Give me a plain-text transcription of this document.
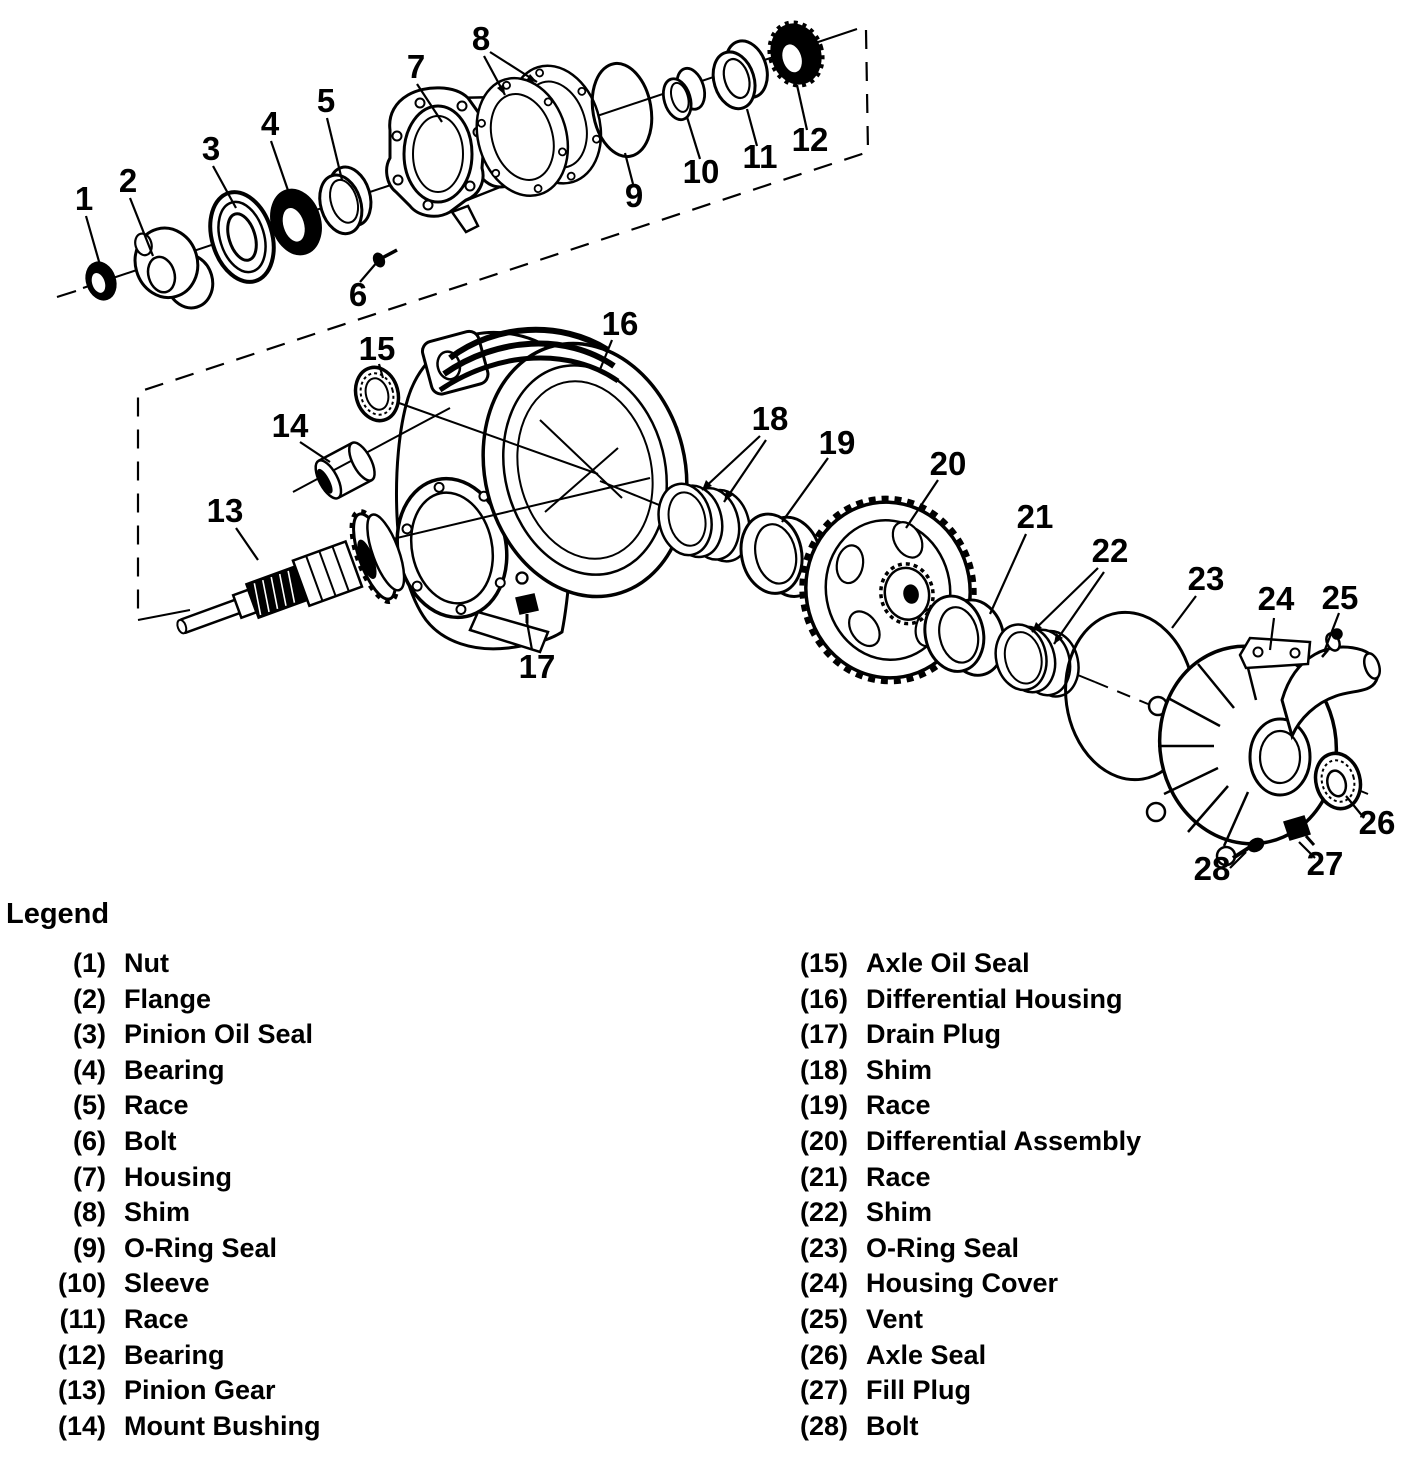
1 2
3
4
5
6
7
8
9
10 11 12
13
14
15
16
17
18
19
20
21
22
23
24 25
26
27
28
Legend
(1) Nut
(2) Flange
(3) Pinion Oil Seal
(4) Bearing
(5) Race
(6) Bolt
(7) Housing
(8) Shim
(9) O-Ring Seal
(10) Sleeve
(11) Race
(12) Bearing
(13) Pinion Gear
(14) Mount Bushing
(15) Axle Oil Seal
(16) Differential Housing
(17) Drain Plug
(18) Shim
(19) Race
(20) Differential Assembly
(21) Race
(22) Shim
(23) O-Ring Seal
(24) Housing Cover
(25) Vent
(26) Axle Seal
(27) Fill Plug
(28) Bolt
